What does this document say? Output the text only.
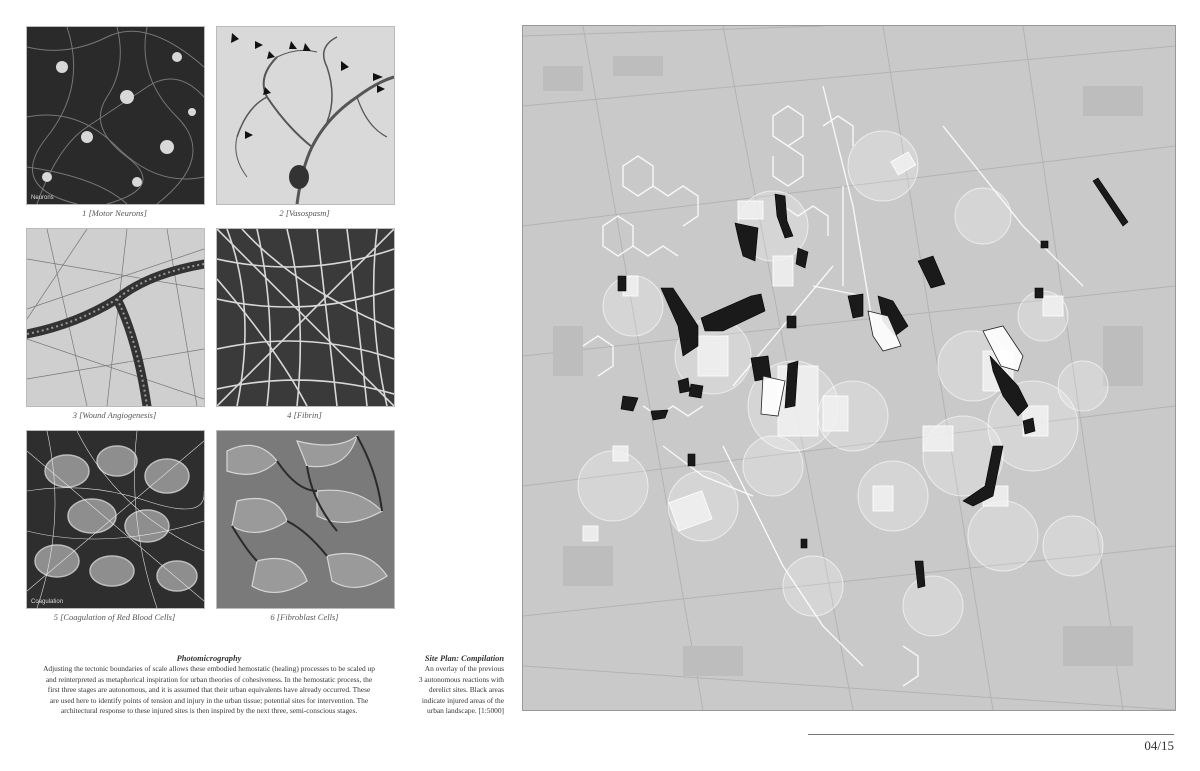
Neurons
1 [Motor Neurons]	2 [Vasospasm]
3 [Wound Angiogenesis]	4 [Fibrin]
Coagulation
5 [Coagulation of Red Blood Cells]	6 [Fibroblast Cells]
Photomicrography
Adjusting the tectonic boundaries of scale allows these embodied hemostatic (healing) processes to be scaled up
and reinterpreted as metaphorical inspiration for urban theories of cohesiveness. In the hemostatic process, the
first three stages are autonomous, and it is assumed that their urban equivalents have already occurred. These
are used here to identify points of tension and injury in the urban tissue; potential sites for intervention. The
architectural response to these injured sites is then inspired by the next three, semi-conscious stages.
Site Plan: Compilation
An overlay of the previous
3 autonomous reactions with
derelict sites. Black areas
indicate injured areas of the
urban landscape. [1:5000]
04/15
